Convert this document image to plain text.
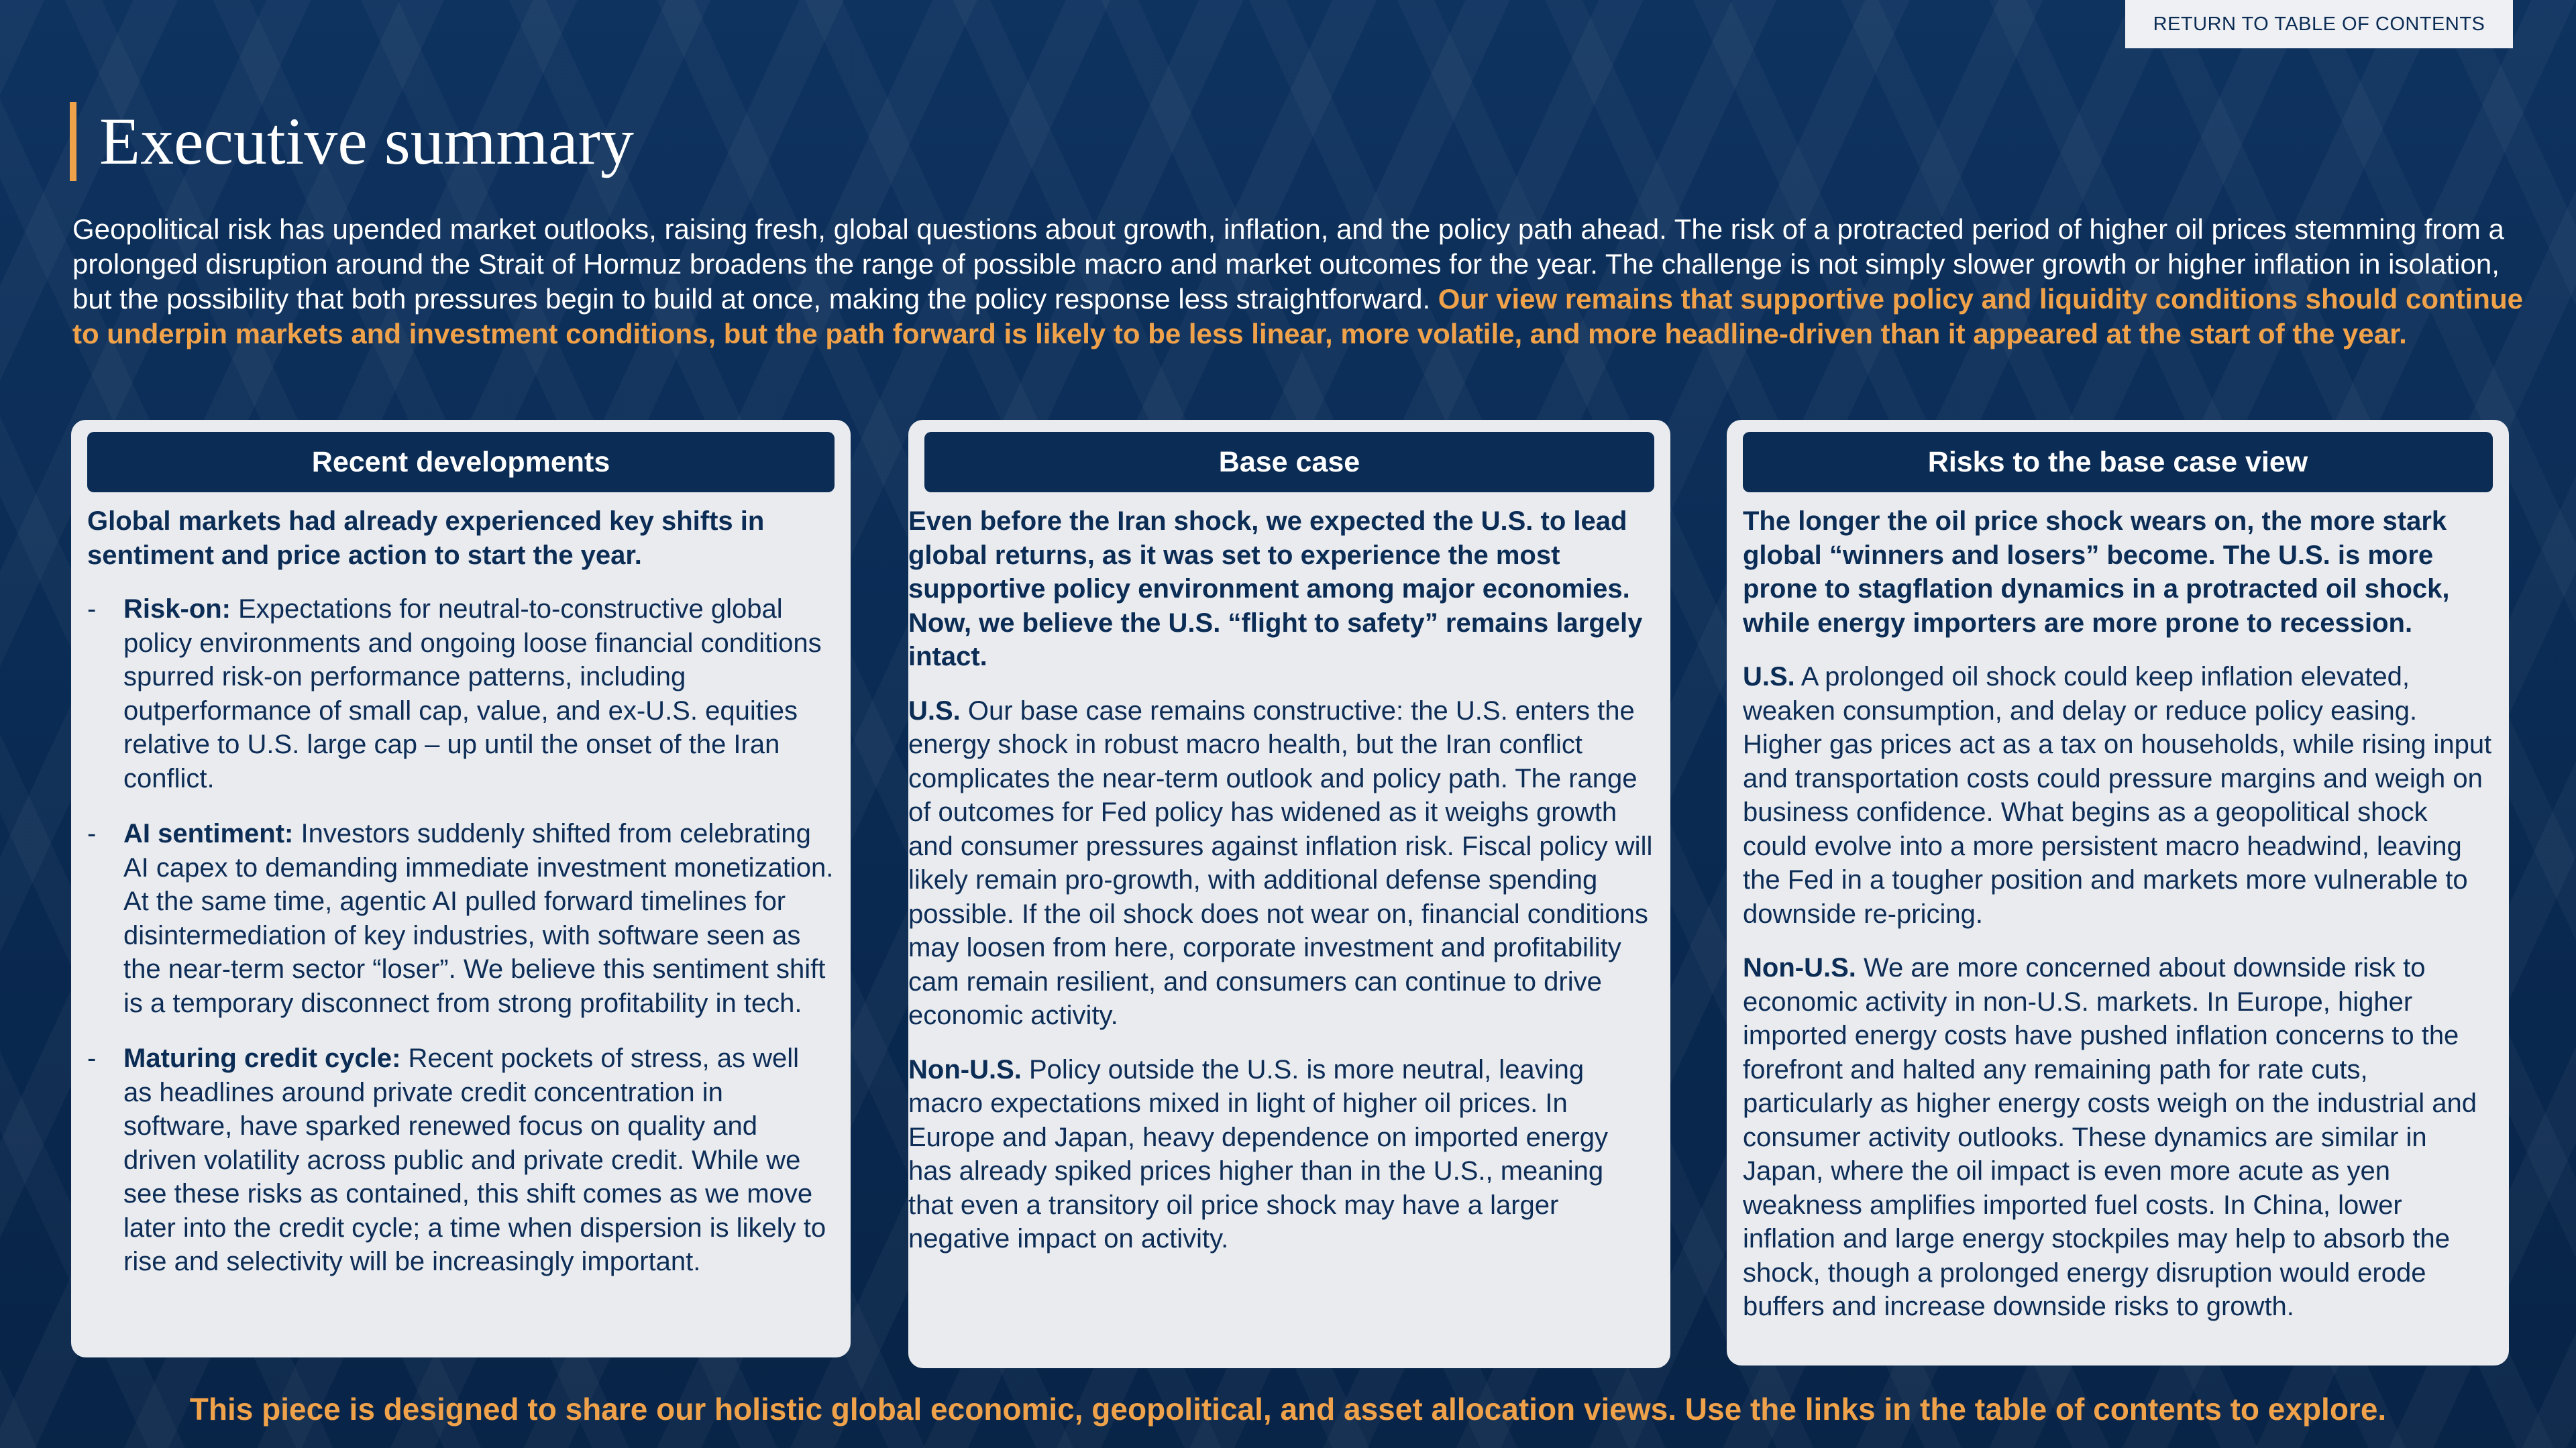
RETURN TO TABLE OF CONTENTS
Executive summary
Geopolitical risk has upended market outlooks, raising fresh, global questions about growth, inflation, and the policy path ahead. The risk of a protracted period of higher oil prices stemming from a prolonged disruption around the Strait of Hormuz broadens the range of possible macro and market outcomes for the year. The challenge is not simply slower growth or higher inflation in isolation, but the possibility that both pressures begin to build at once, making the policy response less straightforward. Our view remains that supportive policy and liquidity conditions should continue to underpin markets and investment conditions, but the path forward is likely to be less linear, more volatile, and more headline-driven than it appeared at the start of the year.
Recent developments
Global markets had already experienced key shifts in sentiment and price action to start the year.
-	Risk-on: Expectations for neutral-to-constructive global policy environments and ongoing loose financial conditions spurred risk-on performance patterns, including outperformance of small cap, value, and ex-U.S. equities relative to U.S. large cap – up until the onset of the Iran conflict.
-	AI sentiment: Investors suddenly shifted from celebrating AI capex to demanding immediate investment monetization. At the same time, agentic AI pulled forward timelines for disintermediation of key industries, with software seen as the near-term sector “loser”. We believe this sentiment shift is a temporary disconnect from strong profitability in tech.
-	Maturing credit cycle: Recent pockets of stress, as well as headlines around private credit concentration in software, have sparked renewed focus on quality and driven volatility across public and private credit. While we see these risks as contained, this shift comes as we move later into the credit cycle; a time when dispersion is likely to rise and selectivity will be increasingly important.
Base case
Even before the Iran shock, we expected the U.S. to lead global returns, as it was set to experience the most supportive policy environment among major economies. Now, we believe the U.S. “flight to safety” remains largely intact.

U.S. Our base case remains constructive: the U.S. enters the energy shock in robust macro health, but the Iran conflict complicates the near-term outlook and policy path. The range of outcomes for Fed policy has widened as it weighs growth and consumer pressures against inflation risk. Fiscal policy will likely remain pro-growth, with additional defense spending possible. If the oil shock does not wear on, financial conditions may loosen from here, corporate investment and profitability cam remain resilient, and consumers can continue to drive economic activity.

Non-U.S. Policy outside the U.S. is more neutral, leaving macro expectations mixed in light of higher oil prices. In Europe and Japan, heavy dependence on imported energy has already spiked prices higher than in the U.S., meaning that even a transitory oil price shock may have a larger negative impact on activity.

Risks to the base case view
The longer the oil price shock wears on, the more stark global “winners and losers” become. The U.S. is more prone to stagflation dynamics in a protracted oil shock, while energy importers are more prone to recession.

U.S. A prolonged oil shock could keep inflation elevated, weaken consumption, and delay or reduce policy easing. Higher gas prices act as a tax on households, while rising input and transportation costs could pressure margins and weigh on business confidence. What begins as a geopolitical shock could evolve into a more persistent macro headwind, leaving the Fed in a tougher position and markets more vulnerable to downside re-pricing.

Non-U.S. We are more concerned about downside risk to economic activity in non-U.S. markets. In Europe, higher imported energy costs have pushed inflation concerns to the forefront and halted any remaining path for rate cuts, particularly as higher energy costs weigh on the industrial and consumer activity outlooks. These dynamics are similar in Japan, where the oil impact is even more acute as yen weakness amplifies imported fuel costs. In China, lower inflation and large energy stockpiles may help to absorb the shock, though a prolonged energy disruption would erode buffers and increase downside risks to growth.

This piece is designed to share our holistic global economic, geopolitical, and asset allocation views. Use the links in the table of contents to explore.
